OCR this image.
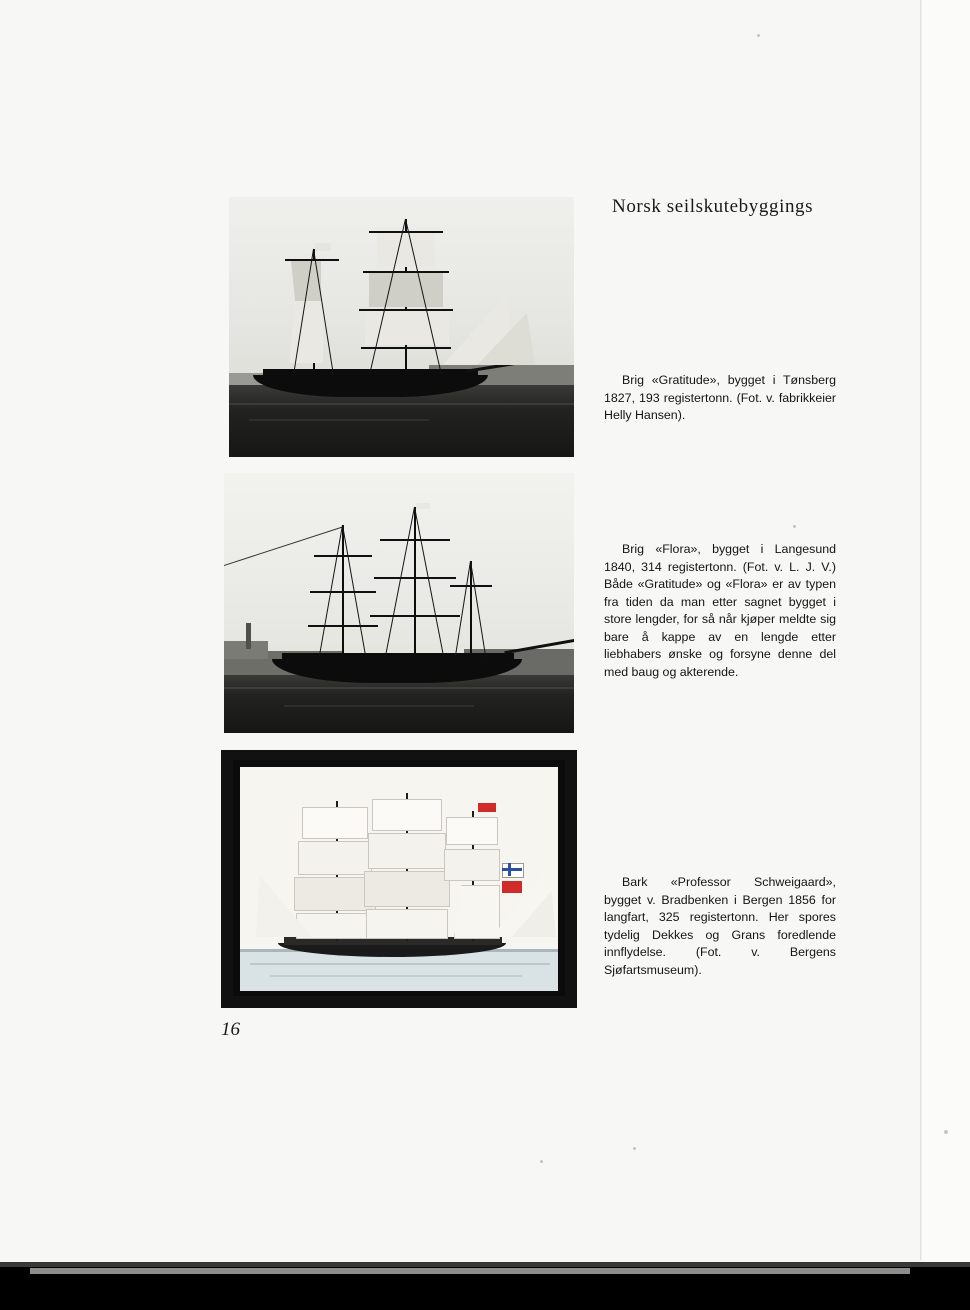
Norsk seilskutebyggings
Brig «Gratitude», bygget i Tønsberg 1827, 193 registertonn. (Fot. v. fabrikkeier Helly Hansen).
Brig «Flora», bygget i Langesund 1840, 314 registertonn. (Fot. v. L. J. V.) Både «Gratitude» og «Flora» er av typen fra tiden da man etter sagnet bygget i store lengder, for så når kjøper meldte sig bare å kappe av en lengde etter liebhabers ønske og forsyne denne del med baug og akterende.
Bark «Professor Schweigaard», bygget v. Bradbenken i Bergen 1856 for langfart, 325 registertonn. Her spores tydelig Dekkes og Grans foredlende innflydelse. (Fot. v. Bergens Sjøfartsmuseum).
16
